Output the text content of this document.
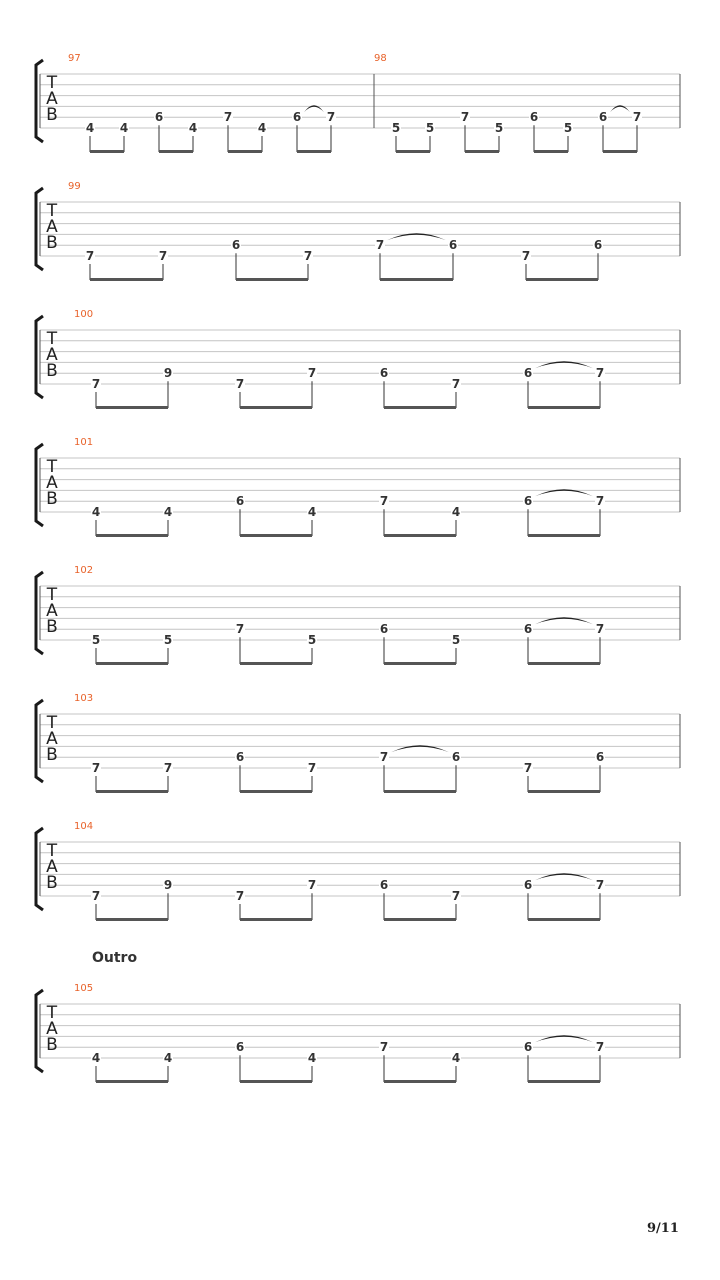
T
A
B
97
4 4
6
4
7
4
6 7
98
5 5
7
5
6
5
6 7
T
A
B
99
7	7
6
7
7	6
7
6
T
A
B
100
7
9
7
7	6
7
6	7
T
A
B
101
4	4
6
4
7
4
6	7
T
A
B
102
5	5
7
5
6
5
6	7
T
A
B
103
7	7
6
7
7	6
7
6
T
A
B
104
7
9
7
7	6
7
6	7
T
A
B
105
4	4
6
4
7
4
6	7
Outro
9/11
